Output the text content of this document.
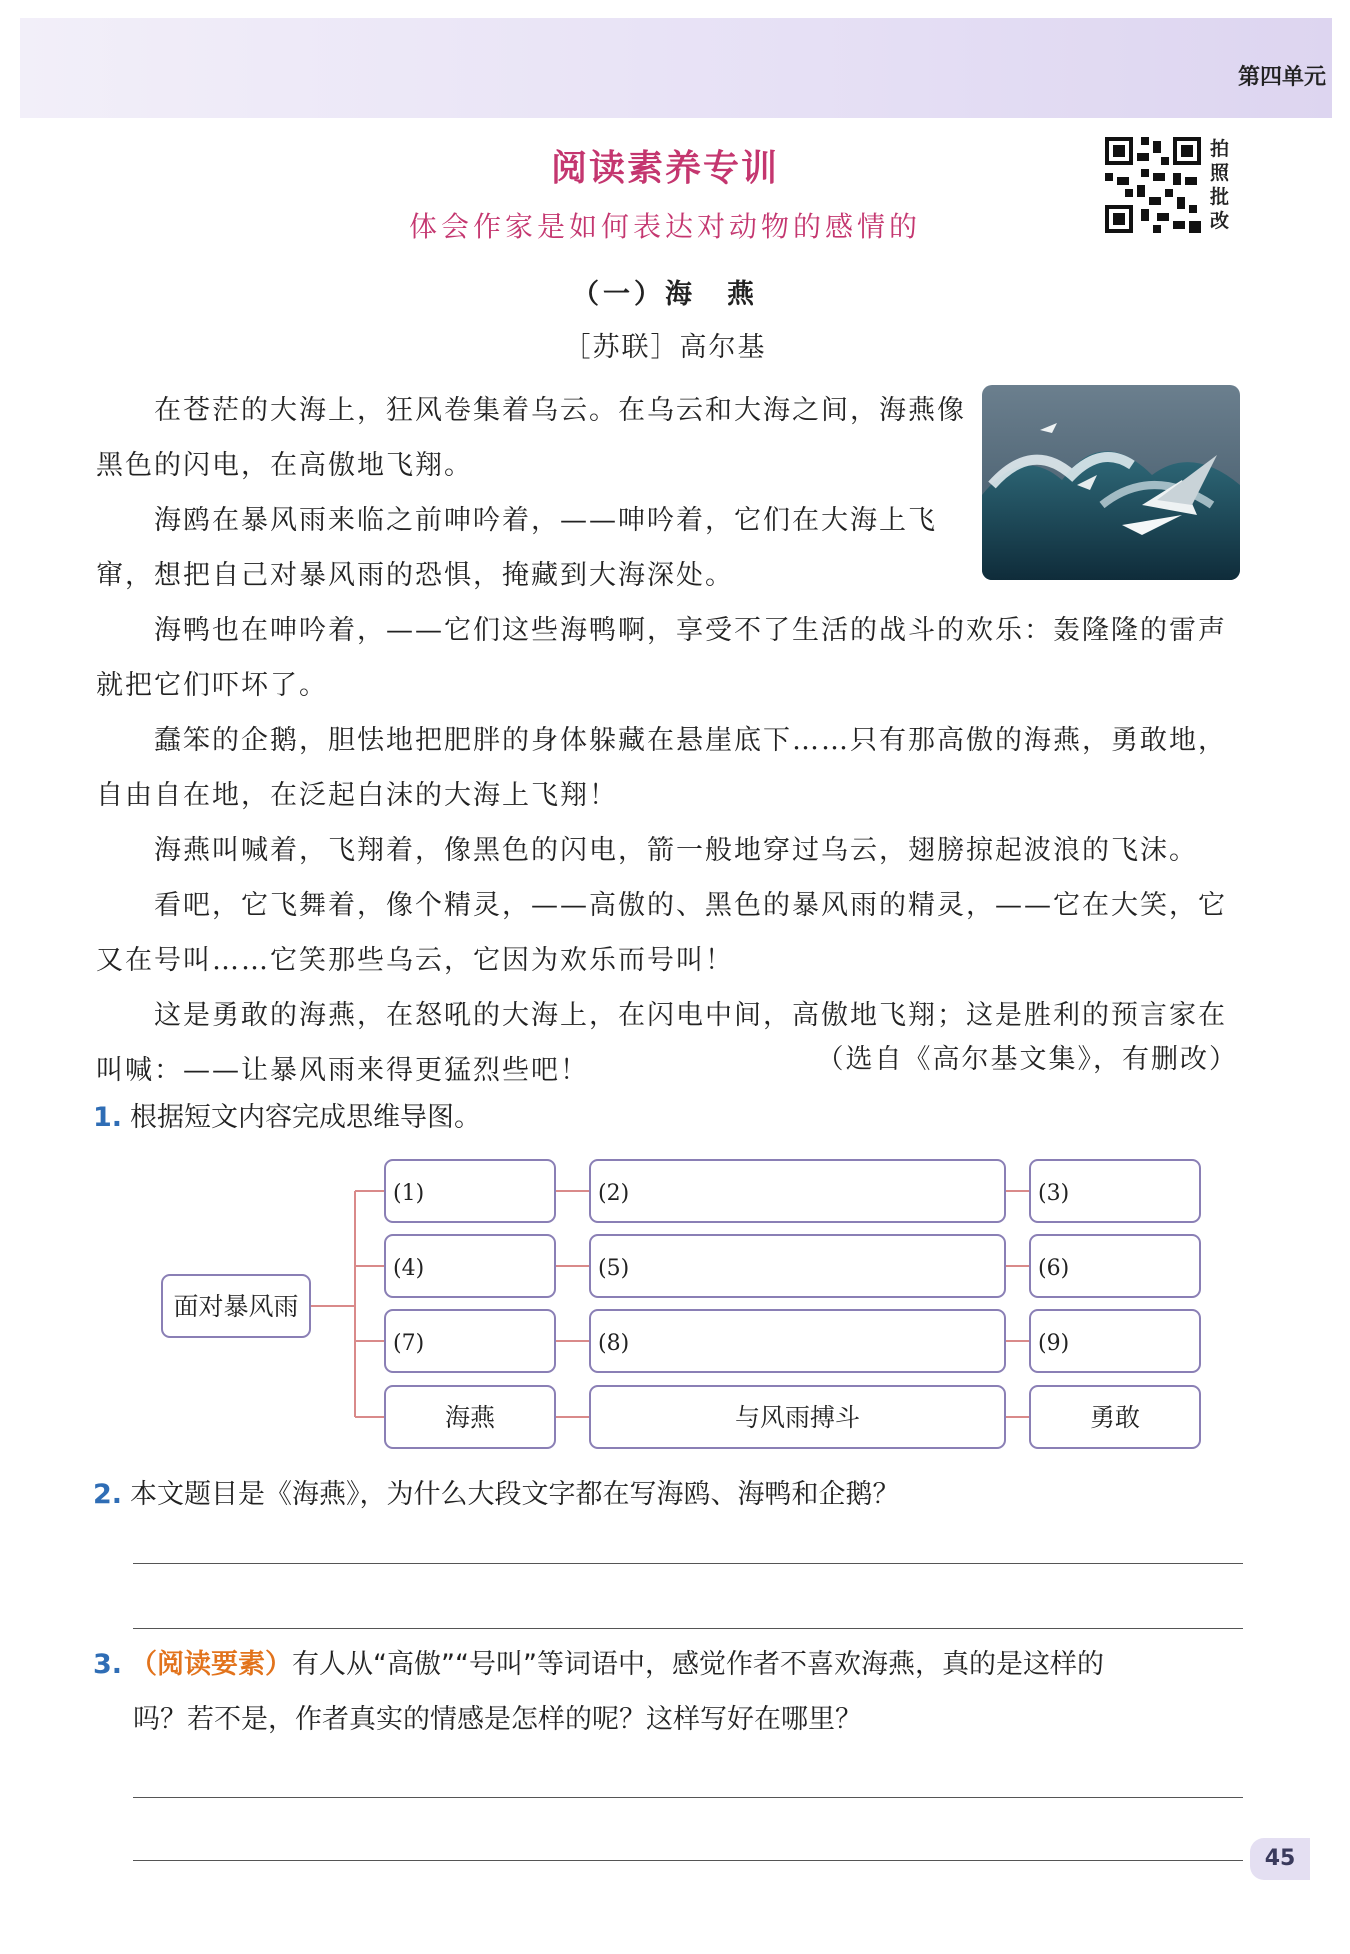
第四单元
阅读素养专训
体会作家是如何表达对动物的感情的
拍照批改
（一）海　燕
［苏联］高尔基

在苍茫的大海上，狂风卷集着乌云。在乌云和大海之间，海燕像黑色的闪电，在高傲地飞翔。

海鸥在暴风雨来临之前呻吟着，——呻吟着，它们在大海上飞窜，想把自己对暴风雨的恐惧，掩藏到大海深处。

海鸭也在呻吟着，——它们这些海鸭啊，享受不了生活的战斗的欢乐：轰隆隆的雷声就把它们吓坏了。

蠢笨的企鹅，胆怯地把肥胖的身体躲藏在悬崖底下……只有那高傲的海燕，勇敢地，自由自在地，在泛起白沫的大海上飞翔！

海燕叫喊着，飞翔着，像黑色的闪电，箭一般地穿过乌云，翅膀掠起波浪的飞沫。

看吧，它飞舞着，像个精灵，——高傲的、黑色的暴风雨的精灵，——它在大笑，它又在号叫……它笑那些乌云，它因为欢乐而号叫！

这是勇敢的海燕，在怒吼的大海上，在闪电中间，高傲地飞翔；这是胜利的预言家在叫喊：——让暴风雨来得更猛烈些吧！	（选自《高尔基文集》，有删改）
1. 根据短文内容完成思维导图。
面对暴风雨
(1)	(2)	(3)
(4)	(5)	(6)
(7)	(8)	(9)
海燕	与风雨搏斗	勇敢
2. 本文题目是《海燕》，为什么大段文字都在写海鸥、海鸭和企鹅？
3. （阅读要素）有人从“高傲”“号叫”等词语中，感觉作者不喜欢海燕，真的是这样的
吗？若不是，作者真实的情感是怎样的呢？这样写好在哪里？
45
